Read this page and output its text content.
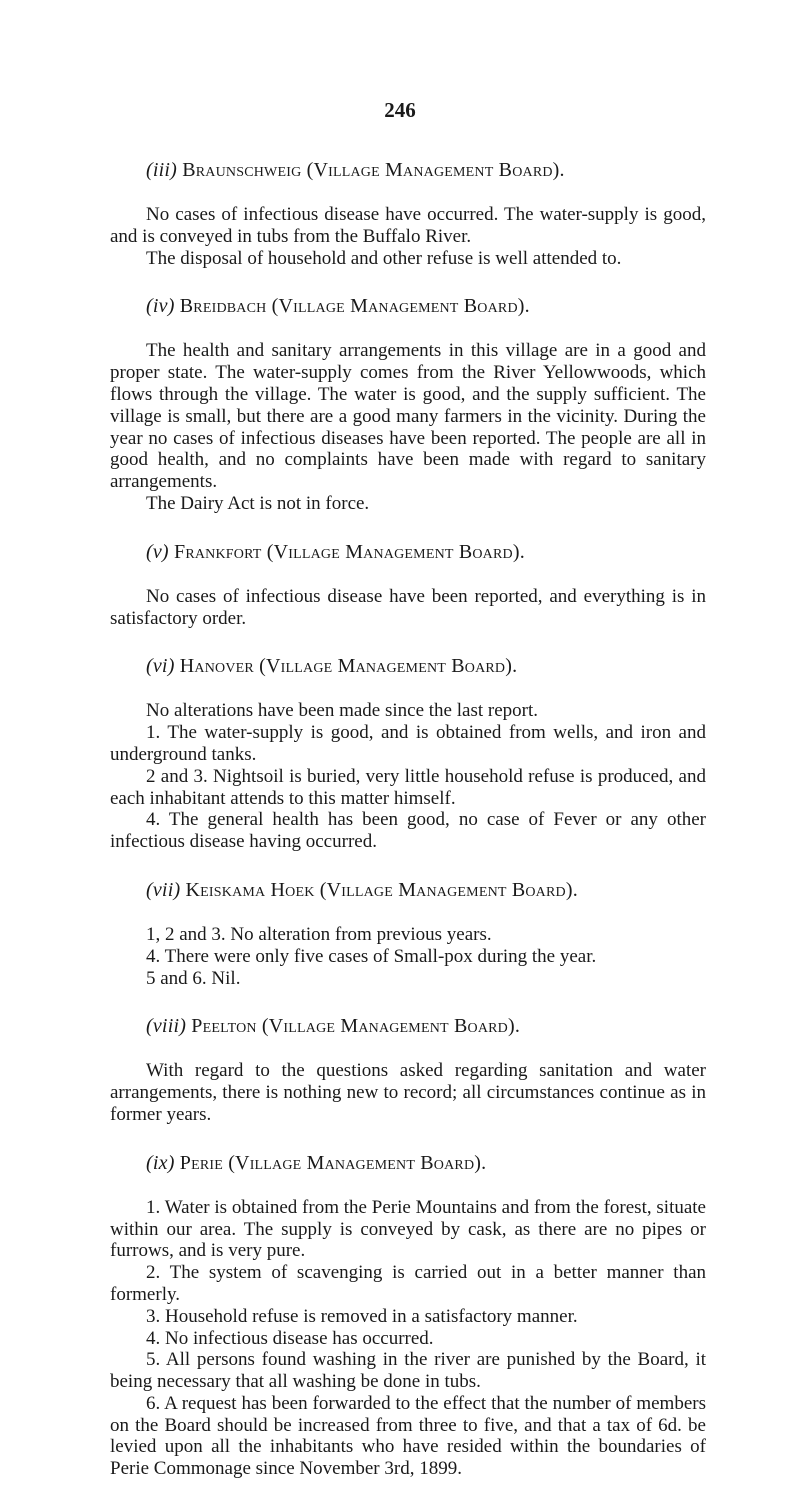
246
(iii) Braunschweig (Village Management Board).

No cases of infectious disease have occurred. The water-supply is good, and is conveyed in tubs from the Buffalo River.

The disposal of household and other refuse is well attended to.

(iv) Breidbach (Village Management Board).

The health and sanitary arrangements in this village are in a good and proper state. The water-supply comes from the River Yellowwoods, which flows through the village. The water is good, and the supply sufficient. The village is small, but there are a good many farmers in the vicinity. During the year no cases of infectious diseases have been reported. The people are all in good health, and no complaints have been made with regard to sanitary arrangements.

The Dairy Act is not in force.

(v) Frankfort (Village Management Board).

No cases of infectious disease have been reported, and everything is in satisfactory order.

(vi) Hanover (Village Management Board).

No alterations have been made since the last report.

1. The water-supply is good, and is obtained from wells, and iron and underground tanks.

2 and 3. Nightsoil is buried, very little household refuse is produced, and each inhabitant attends to this matter himself.

4. The general health has been good, no case of Fever or any other infectious disease having occurred.

(vii) Keiskama Hoek (Village Management Board).

1, 2 and 3. No alteration from previous years.

4. There were only five cases of Small-pox during the year.

5 and 6. Nil.

(viii) Peelton (Village Management Board).

With regard to the questions asked regarding sanitation and water arrangements, there is nothing new to record; all circumstances continue as in former years.

(ix) Perie (Village Management Board).

1. Water is obtained from the Perie Mountains and from the forest, situate within our area. The supply is conveyed by cask, as there are no pipes or furrows, and is very pure.

2. The system of scavenging is carried out in a better manner than formerly.

3. Household refuse is removed in a satisfactory manner.

4. No infectious disease has occurred.

5. All persons found washing in the river are punished by the Board, it being necessary that all washing be done in tubs.

6. A request has been forwarded to the effect that the number of members on the Board should be increased from three to five, and that a tax of 6d. be levied upon all the inhabitants who have resided within the boundaries of Perie Commonage since November 3rd, 1899.
